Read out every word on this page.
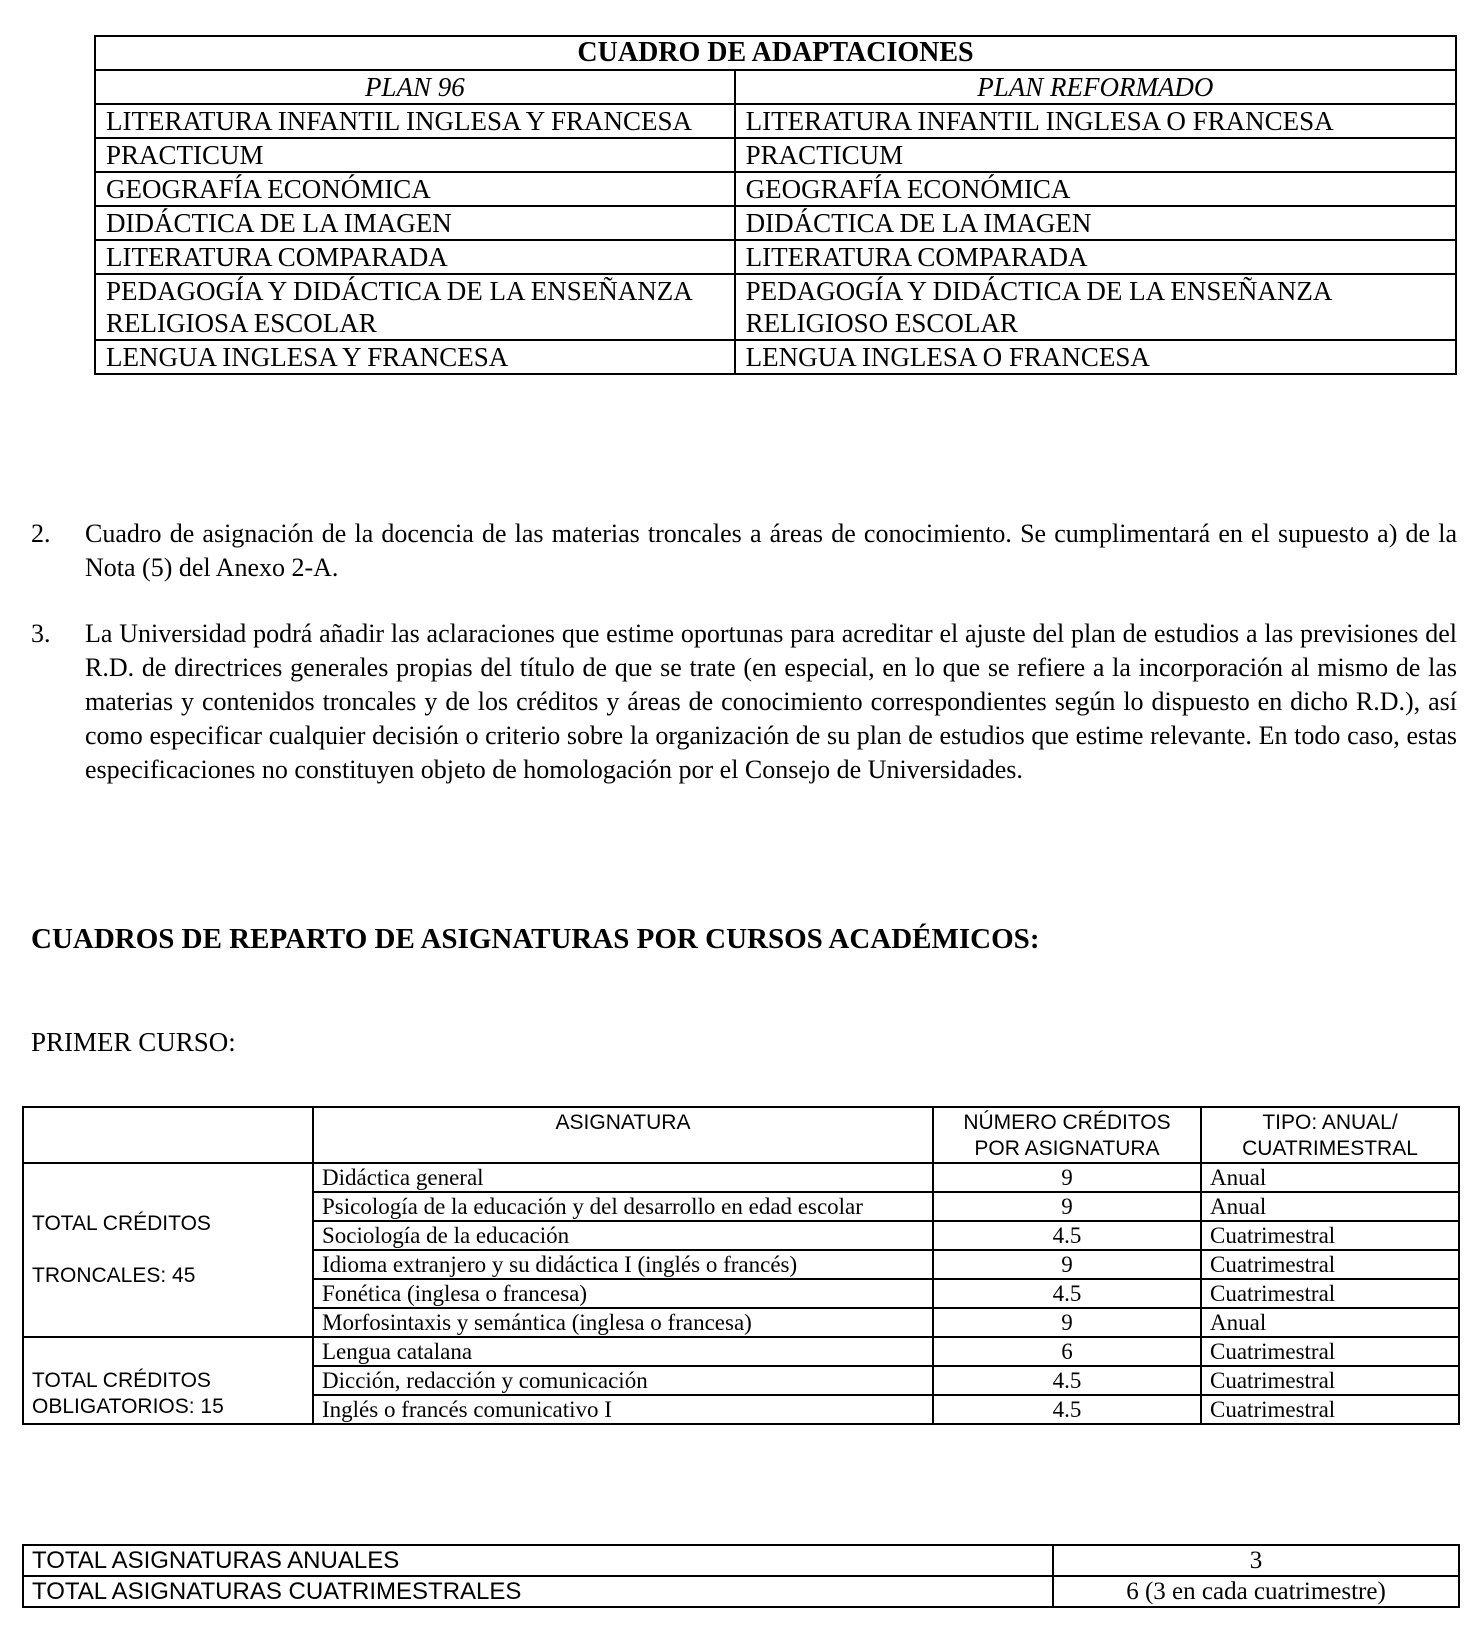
CUADRO DE ADAPTACIONES	
PLAN 96	PLAN REFORMADO
LITERATURA INFANTIL INGLESA Y FRANCESA	LITERATURA INFANTIL INGLESA O FRANCESA
PRACTICUM	PRACTICUM
GEOGRAFÍA ECONÓMICA	GEOGRAFÍA ECONÓMICA
DIDÁCTICA DE LA IMAGEN	DIDÁCTICA DE LA IMAGEN
LITERATURA COMPARADA	LITERATURA COMPARADA
PEDAGOGÍA Y DIDÁCTICA DE LA ENSEÑANZA RELIGIOSA ESCOLAR	PEDAGOGÍA Y DIDÁCTICA DE LA ENSEÑANZA RELIGIOSO ESCOLAR
LENGUA INGLESA Y FRANCESA	LENGUA INGLESA O FRANCESA
2. Cuadro de asignación de la docencia de las materias troncales a áreas de conocimiento. Se cumplimentará en el supuesto a) de la Nota (5) del Anexo 2-A.
3. La Universidad podrá añadir las aclaraciones que estime oportunas para acreditar el ajuste del plan de estudios a las previsiones del R.D. de directrices generales propias del título de que se trate (en especial, en lo que se refiere a la incorporación al mismo de las materias y contenidos troncales y de los créditos y áreas de conocimiento correspondientes según lo dispuesto en dicho R.D.), así como especificar cualquier decisión o criterio sobre la organización de su plan de estudios que estime relevante. En todo caso, estas especificaciones no constituyen objeto de homologación por el Consejo de Universidades.
CUADROS DE REPARTO DE ASIGNATURAS POR CURSOS ACADÉMICOS:
PRIMER CURSO:
	ASIGNATURA	NÚMERO CRÉDITOS POR ASIGNATURA	TIPO: ANUAL/ CUATRIMESTRAL

TOTAL CRÉDITOS
TRONCALES: 45	Didáctica general	9	Anual
	Psicología de la educación y del desarrollo en edad escolar	9	Anual
	Sociología de la educación	4.5	Cuatrimestral
	Idioma extranjero y su didáctica I (inglés o francés)	9	Cuatrimestral
	Fonética (inglesa o francesa)	4.5	Cuatrimestral
	Morfosintaxis y semántica (inglesa o francesa)	9	Anual

TOTAL CRÉDITOS
OBLIGATORIOS: 15	Lengua catalana	6	Cuatrimestral
	Dicción, redacción y comunicación	4.5	Cuatrimestral
	Inglés o francés comunicativo I	4.5	Cuatrimestral
TOTAL ASIGNATURAS ANUALES	3
TOTAL ASIGNATURAS CUATRIMESTRALES	6 (3 en cada cuatrimestre)
